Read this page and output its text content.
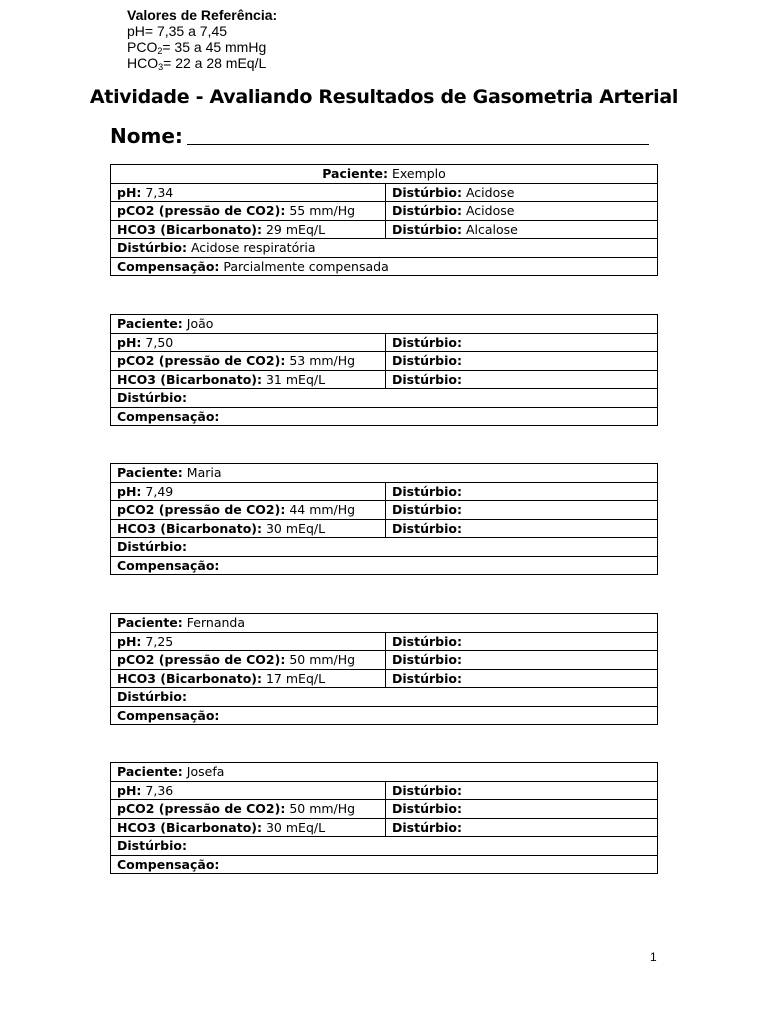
Valores de Referência:
pH= 7,35 a 7,45
$PCO_2= 35$ a 45 mmHg
$HCO_3= 22$ a 28 mEq/L
Atividade - Avaliando Resultados de Gasometria Arterial
Nome:
Paciente: Exemplo	
pH: 7,34	Distúrbio: Acidose
pCO2 (pressão de CO2): 55 mm/Hg	Distúrbio: Acidose
HCO3 (Bicarbonato): 29 mEq/L	Distúrbio: Alcalose
Distúrbio: Acidose respiratória	
Compensação: Parcialmente compensada	
Paciente: João	
pH: 7,50	Distúrbio:
pCO2 (pressão de CO2): 53 mm/Hg	Distúrbio:
HCO3 (Bicarbonato): 31 mEq/L	Distúrbio:
Distúrbio:	
Compensação:	
Paciente: Maria	
pH: 7,49	Distúrbio:
pCO2 (pressão de CO2): 44 mm/Hg	Distúrbio:
HCO3 (Bicarbonato): 30 mEq/L	Distúrbio:
Distúrbio:	
Compensação:	
Paciente: Fernanda	
pH: 7,25	Distúrbio:
pCO2 (pressão de CO2): 50 mm/Hg	Distúrbio:
HCO3 (Bicarbonato): 17 mEq/L	Distúrbio:
Distúrbio:	
Compensação:	
Paciente: Josefa	
pH: 7,36	Distúrbio:
pCO2 (pressão de CO2): 50 mm/Hg	Distúrbio:
HCO3 (Bicarbonato): 30 mEq/L	Distúrbio:
Distúrbio:	
Compensação:	
1
